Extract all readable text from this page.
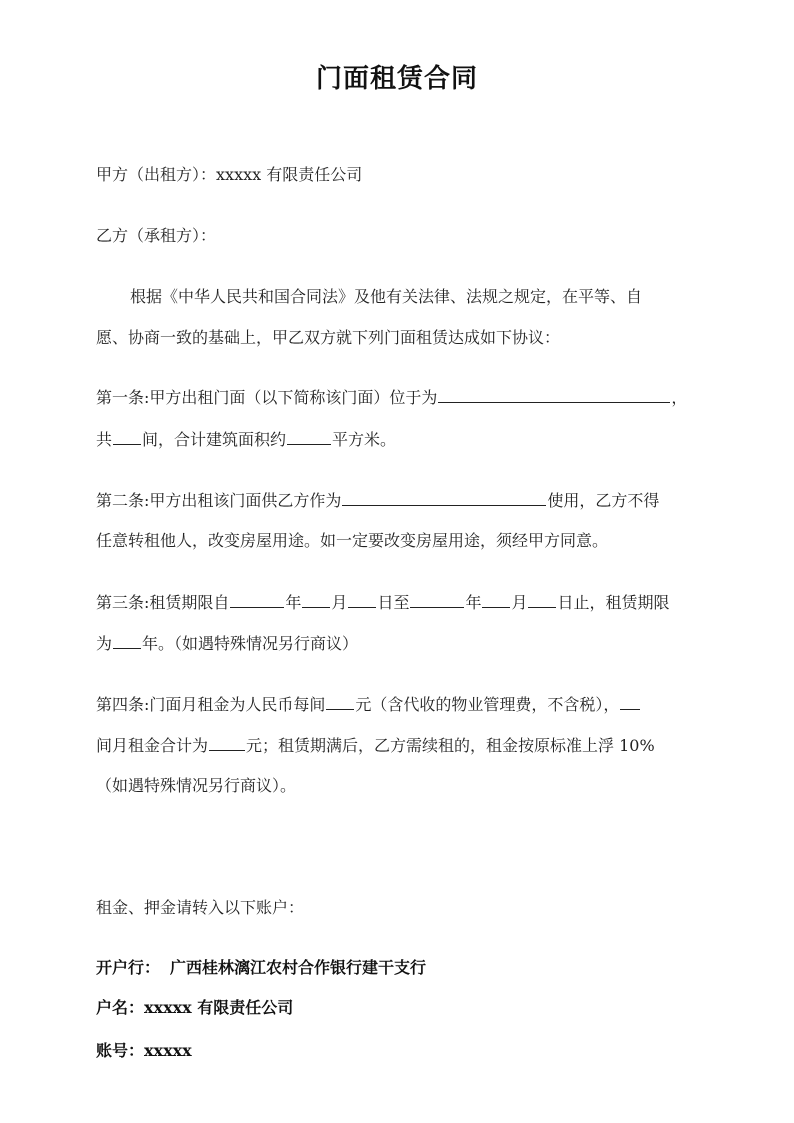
门面租赁合同
甲方（出租方）：xxxxx 有限责任公司
乙方（承租方）：
根据《中华人民共和国合同法》及他有关法律、法规之规定，在平等、自
愿、协商一致的基础上，甲乙双方就下列门面租赁达成如下协议：
第一条:甲方出租门面（以下简称该门面）位于为	，
共 间，合计建筑面积约	平方米。
第二条:甲方出租该门面供乙方作为	使用，乙方不得
任意转租他人，改变房屋用途。如一定要改变房屋用途，须经甲方同意。
第三条:租赁期限自	年 月 日至	年 月 日止，租赁期限
为 年。（如遇特殊情况另行商议）
第四条:门面月租金为人民币每间 元（含代收的物业管理费，不含税），
间月租金合计为 元；租赁期满后，乙方需续租的，租金按原标准上浮 10%
（如遇特殊情况另行商议）。
租金、押金请转入以下账户：
开户行： 广西桂林漓江农村合作银行建干支行
户名：xxxxx 有限责任公司
账号：xxxxx
